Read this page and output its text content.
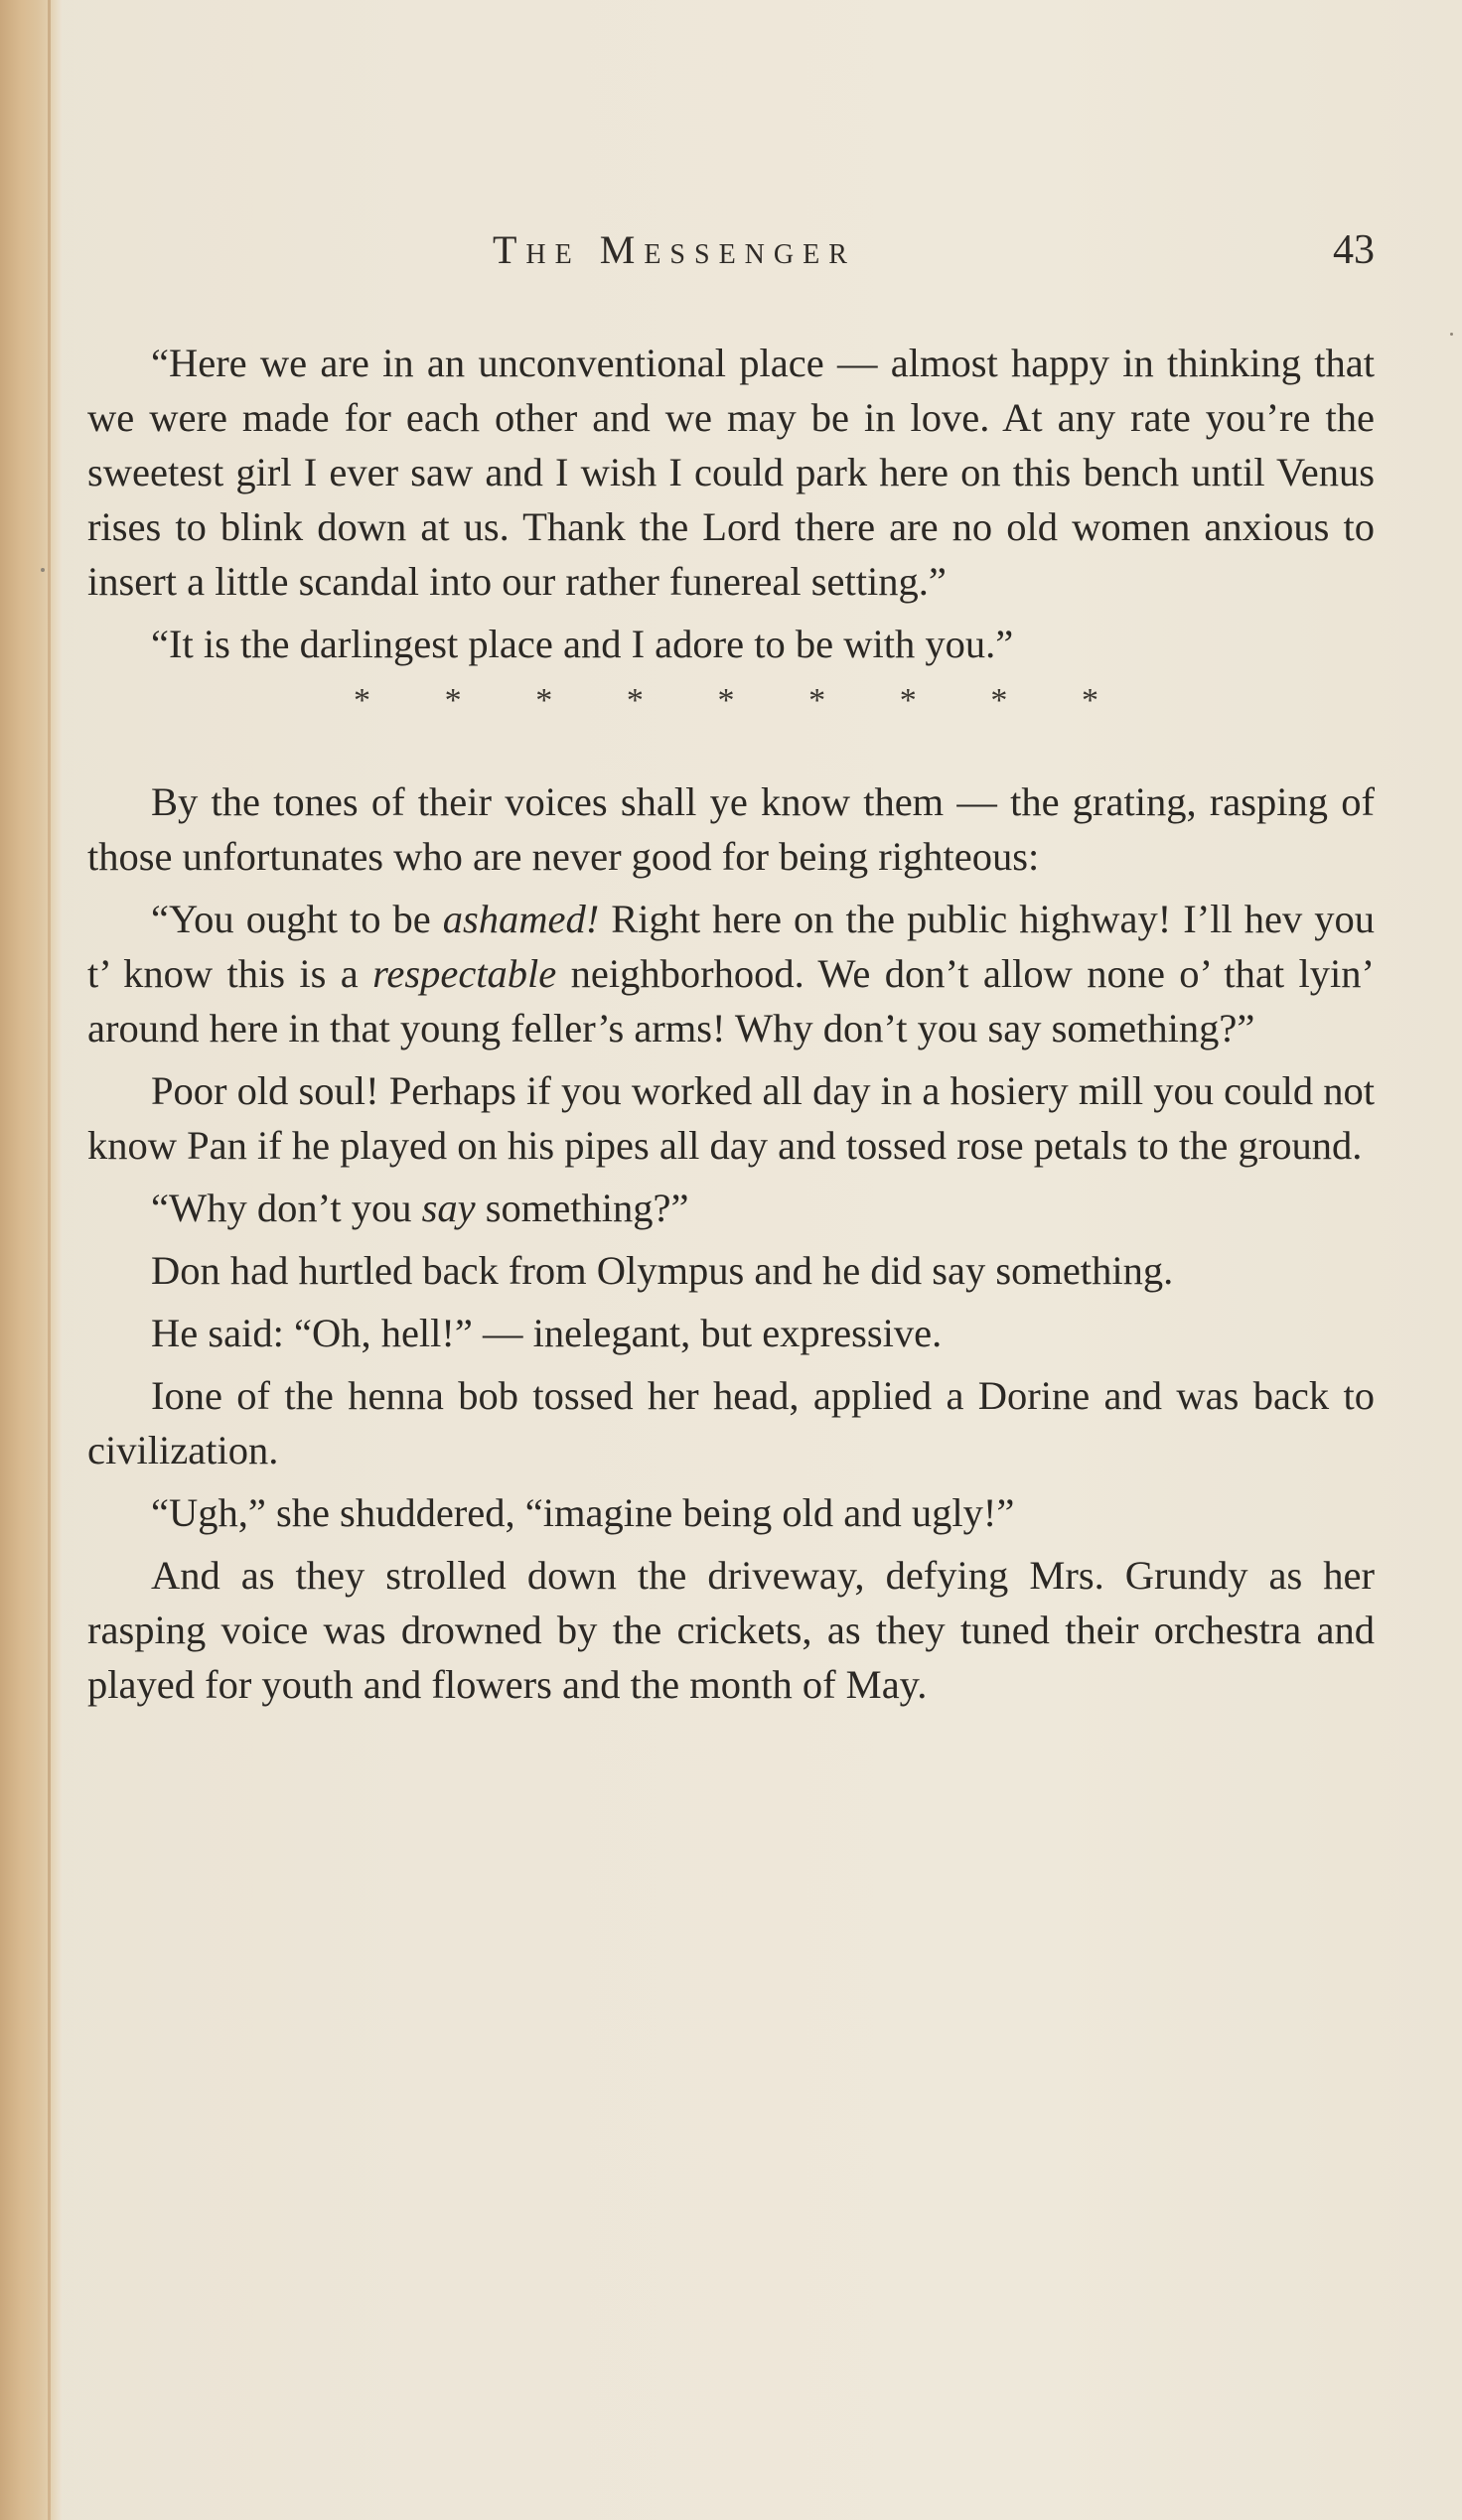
The Messenger	43

“Here we are in an unconventional place — almost happy in thinking that we were made for each other and we may be in love. At any rate you’re the sweetest girl I ever saw and I wish I could park here on this bench until Venus rises to blink down at us. Thank the Lord there are no old women anxious to insert a little scandal into our rather funereal setting.”

“It is the darlingest place and I adore to be with you.”

* * * * * * * * *

By the tones of their voices shall ye know them — the grating, rasping of those unfortunates who are never good for being righteous:

“You ought to be ashamed! Right here on the public highway! I’ll hev you t’ know this is a respectable neighborhood. We don’t allow none o’ that lyin’ around here in that young feller’s arms! Why don’t you say something?”

Poor old soul! Perhaps if you worked all day in a hosiery mill you could not know Pan if he played on his pipes all day and tossed rose petals to the ground.

“Why don’t you say something?”

Don had hurtled back from Olympus and he did say something.

He said: “Oh, hell!” — inelegant, but expressive.

Ione of the henna bob tossed her head, applied a Dorine and was back to civilization.

“Ugh,” she shuddered, “imagine being old and ugly!”

And as they strolled down the driveway, defying Mrs. Grundy as her rasping voice was drowned by the crickets, as they tuned their orchestra and played for youth and flowers and the month of May.
